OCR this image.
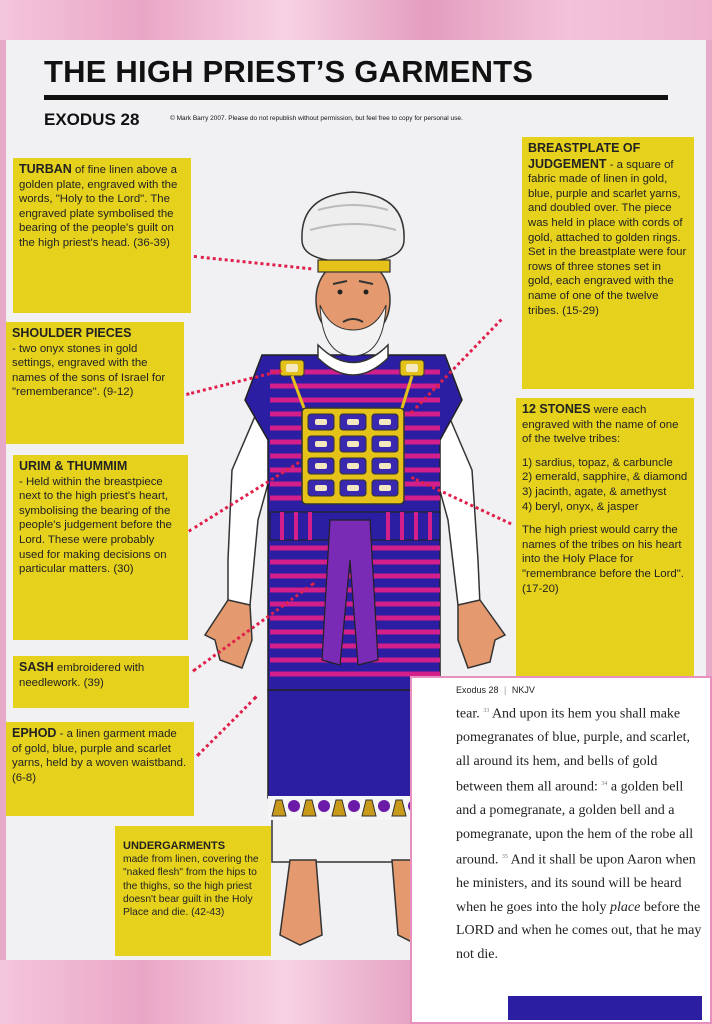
THE HIGH PRIEST’S GARMENTS
EXODUS 28	© Mark Barry 2007. Please do not republish without permission, but feel free to copy for personal use.
TURBAN of fine linen above a golden plate, engraved with the words, "Holy to the Lord". The engraved plate symbolised the bearing of the people's guilt on the high priest's head. (36-39)
SHOULDER PIECES
- two onyx stones in gold settings, engraved with the names of the sons of Israel for "rememberance". (9-12)
URIM & THUMMIM
- Held within the breastpiece next to the high priest's heart, symbolising the bearing of the people's judgement before the Lord. These were probably used for making decisions on particular matters. (30)
SASH embroidered with needlework. (39)
EPHOD - a linen garment made of gold, blue, purple and scarlet yarns, held by a woven waistband. (6-8)
UNDERGARMENTS
made from linen, covering the "naked flesh" from the hips to the thighs, so the high priest doesn't bear guilt in the Holy Place and die. (42-43)
BREASTPLATE OF JUDGEMENT - a square of fabric made of linen in gold, blue, purple and scarlet yarns, and doubled over. The piece was held in place with cords of gold, attached to golden rings. Set in the breastplate were four rows of three stones set in gold, each engraved with the name of one of the twelve tribes. (15-29)
12 STONES were each engraved with the name of one of the twelve tribes:
1) sardius, topaz, & carbuncle
2) emerald, sapphire, & diamond
3) jacinth, agate, & amethyst
4) beryl, onyx, & jasper
The high priest would carry the names of the tribes on his heart into the Holy Place for "remembrance before the Lord". (17-20)
Exodus 28 | NKJV
tear. $^{33}$ And upon its hem you shall make pomegranates of blue, purple, and scarlet, all around its hem, and bells of gold between them all around: $^{34}$ a golden bell and a pomegranate, a golden bell and a pomegranate, upon the hem of the robe all around. $^{35}$ And it shall be upon Aaron when he ministers, and its sound will be heard when he goes into the holy place before the LORD and when he comes out, that he may not die.
